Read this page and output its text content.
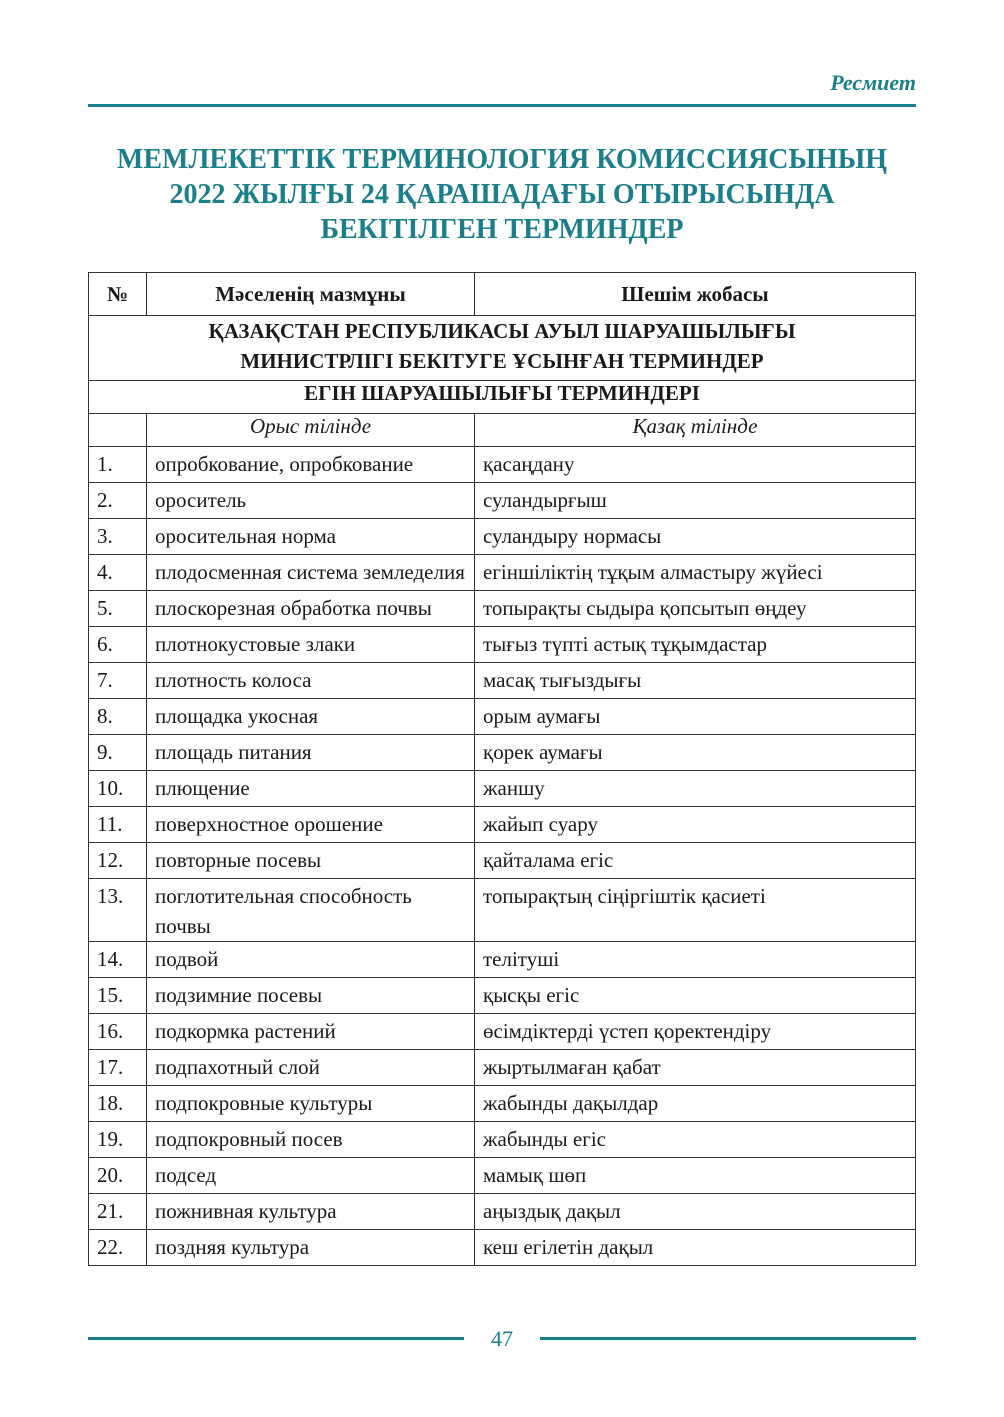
Ресмиет
МЕМЛЕКЕТТІК ТЕРМИНОЛОГИЯ КОМИССИЯСЫНЫҢ
2022 ЖЫЛҒЫ 24 ҚАРАШАДАҒЫ ОТЫРЫСЫНДА
БЕКІТІЛГЕН ТЕРМИНДЕР
№	Мәселенің мазмұны	Шешім жобасы

ҚАЗАҚСТАН РЕСПУБЛИКАСЫ АУЫЛ ШАРУАШЫЛЫҒЫ
МИНИСТРЛІГІ БЕКІТУГЕ ҰСЫНҒАН ТЕРМИНДЕР		

ЕГІН ШАРУАШЫЛЫҒЫ ТЕРМИНДЕРІ		
	Орыс тілінде	Қазақ тілінде
1.	опробкование, опробкование	қасаңдану
2.	ороситель	суландырғыш
3.	оросительная норма	суландыру нормасы
4.	плодосменная система земледелия	егіншіліктің тұқым алмастыру жүйесі
5.	плоскорезная обработка почвы	топырақты сыдыра қопсытып өңдеу
6.	плотнокустовые злаки	тығыз түпті астық тұқымдастар
7.	плотность колоса	масақ тығыздығы
8.	площадка укосная	орым аумағы
9.	площадь питания	қорек аумағы
10.	плющение	жаншу
11.	поверхностное орошение	жайып суару
12.	повторные посевы	қайталама егіс
13.	поглотительная способность почвы	топырақтың сіңіргіштік қасиеті
14.	подвой	телітуші
15.	подзимние посевы	қысқы егіс
16.	подкормка растений	өсімдіктерді үстеп қоректендіру
17.	подпахотный слой	жыртылмаған қабат
18.	подпокровные культуры	жабынды дақылдар
19.	подпокровный посев	жабынды егіс
20.	подсед	мамық шөп
21.	пожнивная культура	аңыздық дақыл
22.	поздняя культура	кеш егілетін дақыл
47
